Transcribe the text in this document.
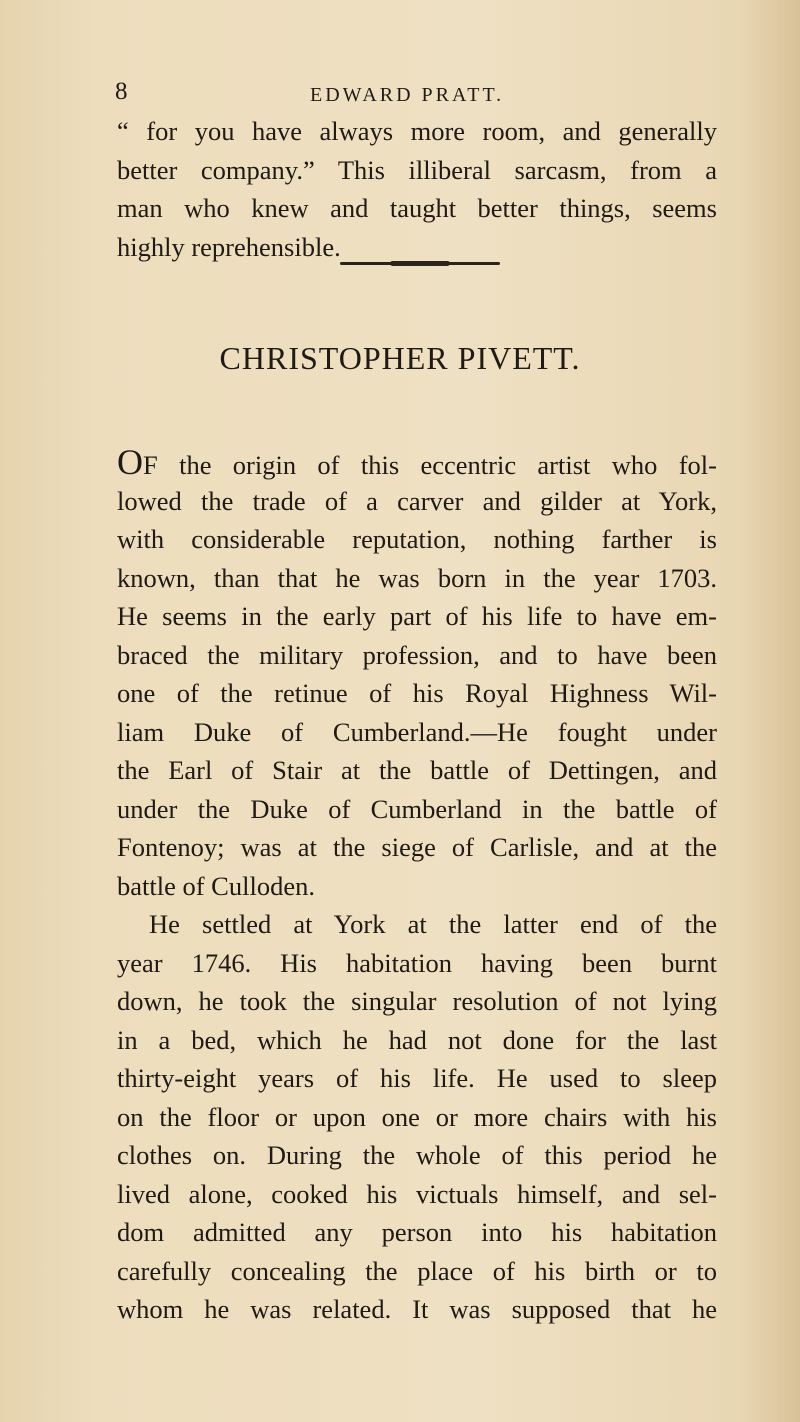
8	EDWARD PRATT.
“ for you have always more room, and generally
better company.” This illiberal sarcasm, from a
man who knew and taught better things, seems
highly reprehensible.
CHRISTOPHER PIVETT.
OF the origin of this eccentric artist who fol-
lowed the trade of a carver and gilder at York,
with considerable reputation, nothing farther is
known, than that he was born in the year 1703.
He seems in the early part of his life to have em-
braced the military profession, and to have been
one of the retinue of his Royal Highness Wil-
liam Duke of Cumberland.—He fought under
the Earl of Stair at the battle of Dettingen, and
under the Duke of Cumberland in the battle of
Fontenoy; was at the siege of Carlisle, and at the
battle of Culloden.
He settled at York at the latter end of the
year 1746. His habitation having been burnt
down, he took the singular resolution of not lying
in a bed, which he had not done for the last
thirty-eight years of his life. He used to sleep
on the floor or upon one or more chairs with his
clothes on. During the whole of this period he
lived alone, cooked his victuals himself, and sel-
dom admitted any person into his habitation
carefully concealing the place of his birth or to
whom he was related. It was supposed that he
